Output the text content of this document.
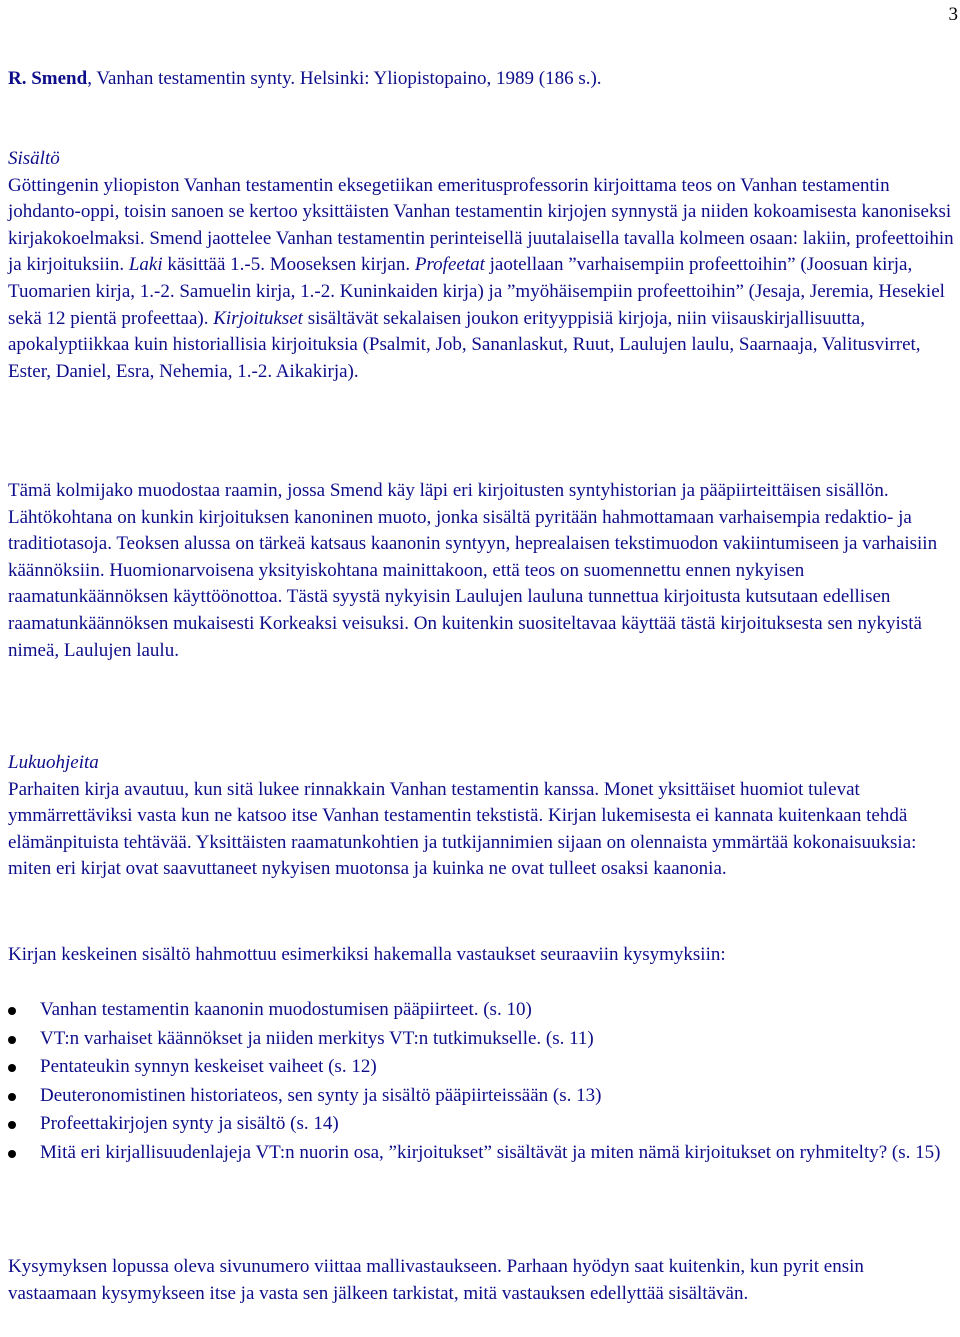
3
R. Smend, Vanhan testamentin synty. Helsinki: Yliopistopaino, 1989 (186 s.).
Sisältö

Göttingenin yliopiston Vanhan testamentin eksegetiikan emeritusprofessorin kirjoittama teos on Vanhan testamentin johdanto-oppi, toisin sanoen se kertoo yksittäisten Vanhan testamentin kirjojen synnystä ja niiden kokoamisesta kanoniseksi kirjakokoelmaksi. Smend jaottelee Vanhan testamentin perinteisellä juutalaisella tavalla kolmeen osaan: lakiin, profeettoihin ja kirjoituksiin. Laki käsittää 1.-5. Mooseksen kirjan. Profeetat jaotellaan ”varhaisempiin profeettoihin” (Joosuan kirja, Tuomarien kirja, 1.-2. Samuelin kirja, 1.-2. Kuninkaiden kirja) ja ”myöhäisempiin profeettoihin” (Jesaja, Jeremia, Hesekiel sekä 12 pientä profeettaa). Kirjoitukset sisältävät sekalaisen joukon erityyppisiä kirjoja, niin viisauskirjallisuutta, apokalyptiikkaa kuin historiallisia kirjoituksia (Psalmit, Job, Sananlaskut, Ruut, Laulujen laulu, Saarnaaja, Valitusvirret, Ester, Daniel, Esra, Nehemia, 1.-2. Aikakirja).

Tämä kolmijako muodostaa raamin, jossa Smend käy läpi eri kirjoitusten syntyhistorian ja pääpiirteittäisen sisällön. Lähtökohtana on kunkin kirjoituksen kanoninen muoto, jonka sisältä pyritään hahmottamaan varhaisempia redaktio- ja traditiotasoja. Teoksen alussa on tärkeä katsaus kaanonin syntyyn, heprealaisen tekstimuodon vakiintumiseen ja varhaisiin käännöksiin. Huomionarvoisena yksityiskohtana mainittakoon, että teos on suomennettu ennen nykyisen raamatunkäännöksen käyttöönottoa. Tästä syystä nykyisin Laulujen lauluna tunnettua kirjoitusta kutsutaan edellisen raamatunkäännöksen mukaisesti Korkeaksi veisuksi. On kuitenkin suositeltavaa käyttää tästä kirjoituksesta sen nykyistä nimeä, Laulujen laulu.

Lukuohjeita

Parhaiten kirja avautuu, kun sitä lukee rinnakkain Vanhan testamentin kanssa. Monet yksittäiset huomiot tulevat ymmärrettäviksi vasta kun ne katsoo itse Vanhan testamentin tekstistä. Kirjan lukemisesta ei kannata kuitenkaan tehdä elämänpituista tehtävää. Yksittäisten raamatunkohtien ja tutkijannimien sijaan on olennaista ymmärtää kokonaisuuksia: miten eri kirjat ovat saavuttaneet nykyisen muotonsa ja kuinka ne ovat tulleet osaksi kaanonia.

Kirjan keskeinen sisältö hahmottuu esimerkiksi hakemalla vastaukset seuraaviin kysymyksiin:

Vanhan testamentin kaanonin muodostumisen pääpiirteet. (s. 10)
VT:n varhaiset käännökset ja niiden merkitys VT:n tutkimukselle. (s. 11)
Pentateukin synnyn keskeiset vaiheet (s. 12)
Deuteronomistinen historiateos, sen synty ja sisältö pääpiirteissään (s. 13)
Profeettakirjojen synty ja sisältö (s. 14)
Mitä eri kirjallisuudenlajeja VT:n nuorin osa, ”kirjoitukset” sisältävät ja miten nämä kirjoitukset on ryhmitelty? (s. 15)

Kysymyksen lopussa oleva sivunumero viittaa mallivastaukseen. Parhaan hyödyn saat kuitenkin, kun pyrit ensin vastaamaan kysymykseen itse ja vasta sen jälkeen tarkistat, mitä vastauksen edellyttää sisältävän.
